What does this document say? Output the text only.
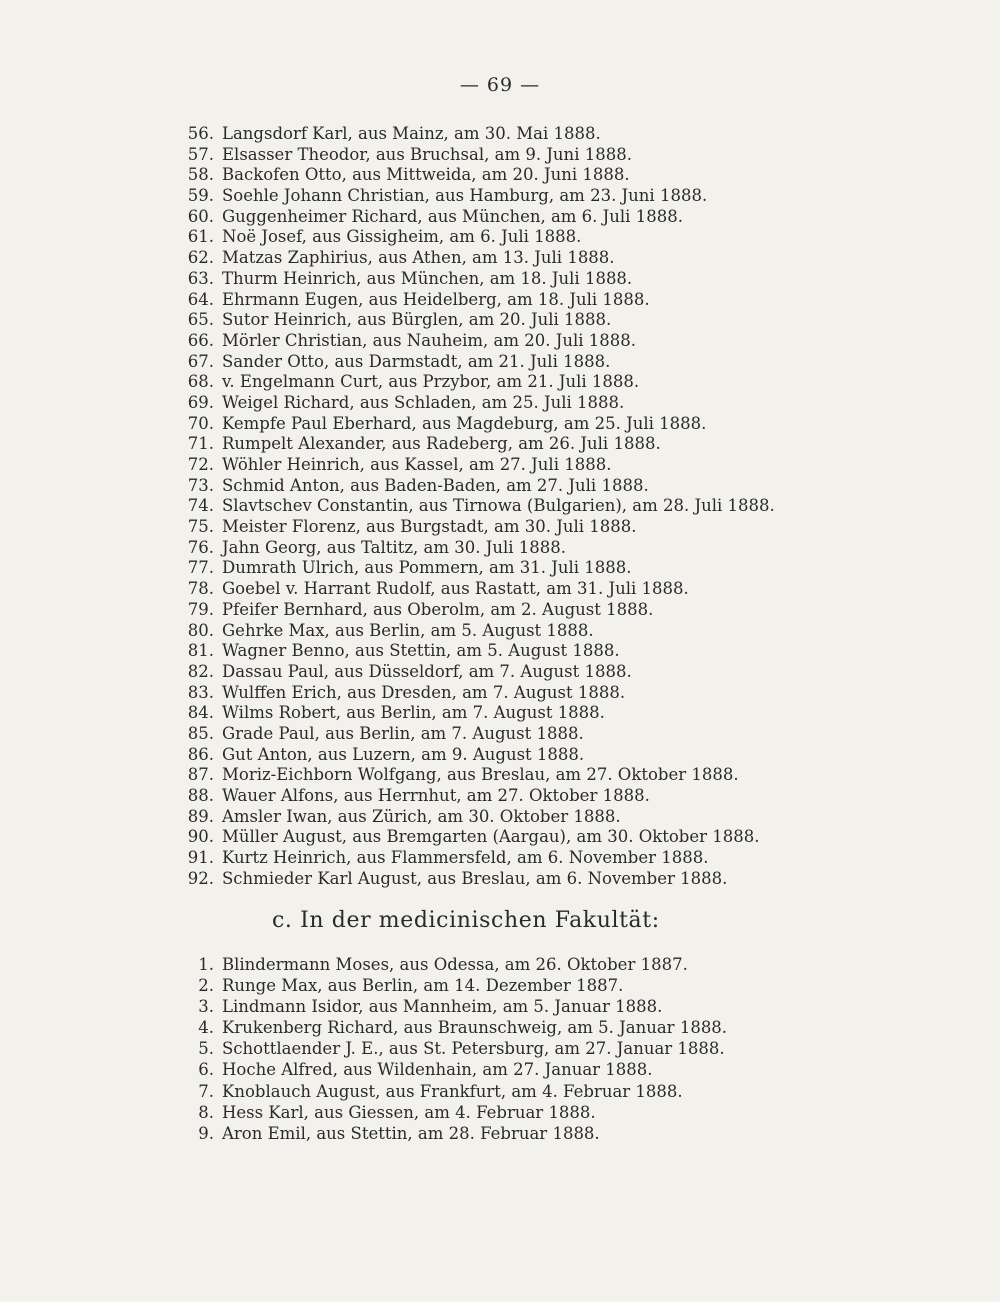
— 69 —
56. Langsdorf Karl, aus Mainz, am 30. Mai 1888.
57. Elsasser Theodor, aus Bruchsal, am 9. Juni 1888.
58. Backofen Otto, aus Mittweida, am 20. Juni 1888.
59. Soehle Johann Christian, aus Hamburg, am 23. Juni 1888.
60. Guggenheimer Richard, aus München, am 6. Juli 1888.
61. Noë Josef, aus Gissigheim, am 6. Juli 1888.
62. Matzas Zaphirius, aus Athen, am 13. Juli 1888.
63. Thurm Heinrich, aus München, am 18. Juli 1888.
64. Ehrmann Eugen, aus Heidelberg, am 18. Juli 1888.
65. Sutor Heinrich, aus Bürglen, am 20. Juli 1888.
66. Mörler Christian, aus Nauheim, am 20. Juli 1888.
67. Sander Otto, aus Darmstadt, am 21. Juli 1888.
68. v. Engelmann Curt, aus Przybor, am 21. Juli 1888.
69. Weigel Richard, aus Schladen, am 25. Juli 1888.
70. Kempfe Paul Eberhard, aus Magdeburg, am 25. Juli 1888.
71. Rumpelt Alexander, aus Radeberg, am 26. Juli 1888.
72. Wöhler Heinrich, aus Kassel, am 27. Juli 1888.
73. Schmid Anton, aus Baden-Baden, am 27. Juli 1888.
74. Slavtschev Constantin, aus Tirnowa (Bulgarien), am 28. Juli 1888.
75. Meister Florenz, aus Burgstadt, am 30. Juli 1888.
76. Jahn Georg, aus Taltitz, am 30. Juli 1888.
77. Dumrath Ulrich, aus Pommern, am 31. Juli 1888.
78. Goebel v. Harrant Rudolf, aus Rastatt, am 31. Juli 1888.
79. Pfeifer Bernhard, aus Oberolm, am 2. August 1888.
80. Gehrke Max, aus Berlin, am 5. August 1888.
81. Wagner Benno, aus Stettin, am 5. August 1888.
82. Dassau Paul, aus Düsseldorf, am 7. August 1888.
83. Wulffen Erich, aus Dresden, am 7. August 1888.
84. Wilms Robert, aus Berlin, am 7. August 1888.
85. Grade Paul, aus Berlin, am 7. August 1888.
86. Gut Anton, aus Luzern, am 9. August 1888.
87. Moriz-Eichborn Wolfgang, aus Breslau, am 27. Oktober 1888.
88. Wauer Alfons, aus Herrnhut, am 27. Oktober 1888.
89. Amsler Iwan, aus Zürich, am 30. Oktober 1888.
90. Müller August, aus Bremgarten (Aargau), am 30. Oktober 1888.
91. Kurtz Heinrich, aus Flammersfeld, am 6. November 1888.
92. Schmieder Karl August, aus Breslau, am 6. November 1888.
c. In der medicinischen Fakultät:
1. Blindermann Moses, aus Odessa, am 26. Oktober 1887.
2. Runge Max, aus Berlin, am 14. Dezember 1887.
3. Lindmann Isidor, aus Mannheim, am 5. Januar 1888.
4. Krukenberg Richard, aus Braunschweig, am 5. Januar 1888.
5. Schottlaender J. E., aus St. Petersburg, am 27. Januar 1888.
6. Hoche Alfred, aus Wildenhain, am 27. Januar 1888.
7. Knoblauch August, aus Frankfurt, am 4. Februar 1888.
8. Hess Karl, aus Giessen, am 4. Februar 1888.
9. Aron Emil, aus Stettin, am 28. Februar 1888.
